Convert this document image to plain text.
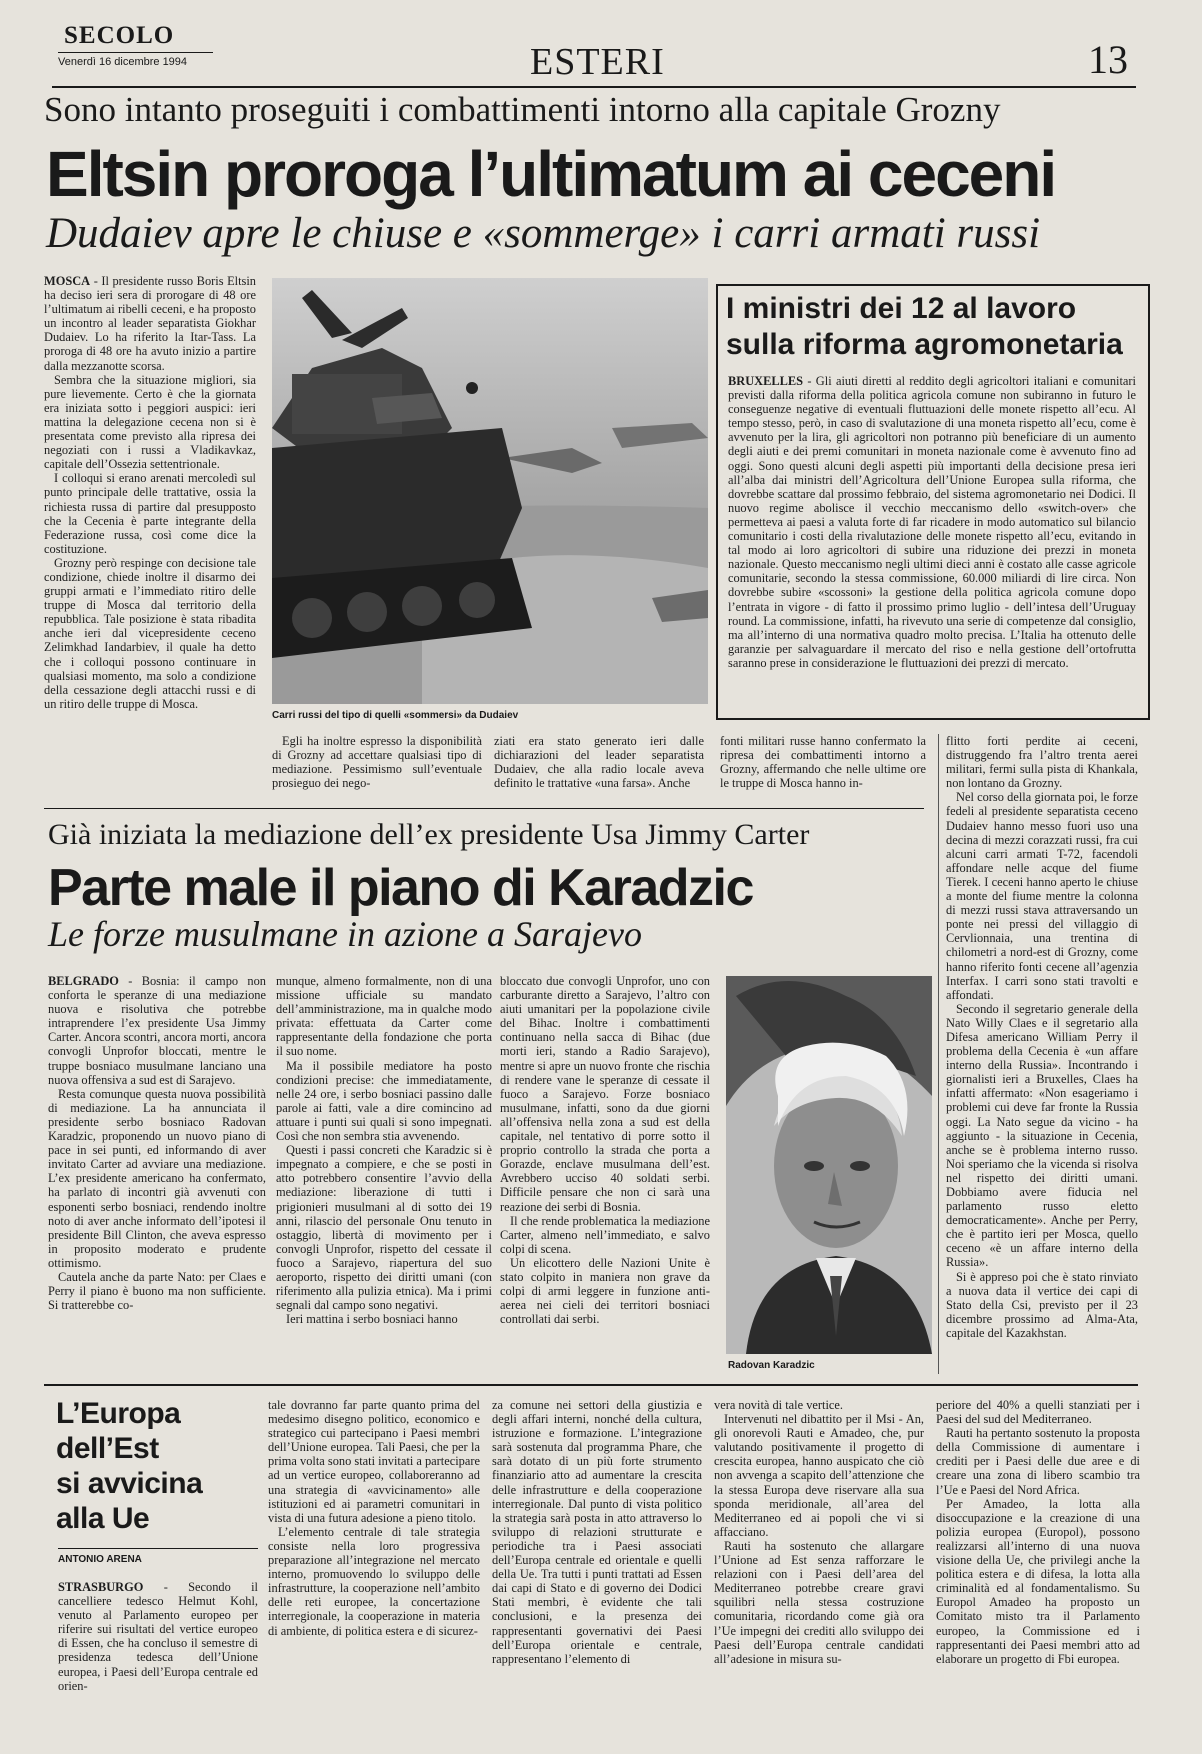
SECOLO
Venerdì 16 dicembre 1994	ESTERI	13
Sono intanto proseguiti i combattimenti intorno alla capitale Grozny
Eltsin proroga l’ultimatum ai ceceni
Dudaiev apre le chiuse e «sommerge» i carri armati russi

MOSCA - Il presidente russo Boris Eltsin ha deciso ieri sera di prorogare di 48 ore l’ultimatum ai ribelli ceceni, e ha proposto un incontro al leader separatista Giokhar Dudaiev. Lo ha riferito la Itar-Tass. La proroga di 48 ore ha avuto inizio a partire dalla mezzanotte scorsa.

Sembra che la situazione migliori, sia pure lievemente. Certo è che la giornata era iniziata sotto i peggiori auspici: ieri mattina la delegazione cecena non si è presentata come previsto alla ripresa dei negoziati con i russi a Vladikavkaz, capitale dell’Ossezia settentrionale.

I colloqui si erano arenati mercoledì sul punto principale delle trattative, ossia la richiesta russa di partire dal presupposto che la Cecenia è parte integrante della Federazione russa, così come dice la costituzione.

Grozny però respinge con decisione tale condizione, chiede inoltre il disarmo dei gruppi armati e l’immediato ritiro delle truppe di Mosca dal territorio della repubblica. Tale posizione è stata ribadita anche ieri dal vicepresidente ceceno Zelimkhad Iandarbiev, il quale ha detto che i colloqui possono continuare in qualsiasi momento, ma solo a condizione della cessazione degli attacchi russi e di un ritiro delle truppe di Mosca.

Carri russi del tipo di quelli «sommersi» da Dudaiev
I ministri dei 12 al lavoro
sulla riforma agromonetaria

BRUXELLES - Gli aiuti diretti al reddito degli agricoltori italiani e comunitari previsti dalla riforma della politica agricola comune non subiranno in futuro le conseguenze negative di eventuali fluttuazioni delle monete rispetto all’ecu. Al tempo stesso, però, in caso di svalutazione di una moneta rispetto all’ecu, come è avvenuto per la lira, gli agricoltori non potranno più beneficiare di un aumento degli aiuti e dei premi comunitari in moneta nazionale come è avvenuto fino ad oggi. Sono questi alcuni degli aspetti più importanti della decisione presa ieri all’alba dai ministri dell’Agricoltura dell’Unione Europea sulla riforma, che dovrebbe scattare dal prossimo febbraio, del sistema agromonetario nei Dodici. Il nuovo regime abolisce il vecchio meccanismo dello «switch-over» che permetteva ai paesi a valuta forte di far ricadere in modo automatico sul bilancio comunitario i costi della rivalutazione delle monete rispetto all’ecu, evitando in tal modo ai loro agricoltori di subire una riduzione dei prezzi in moneta nazionale. Questo meccanismo negli ultimi dieci anni è costato alle casse agricole comunitarie, secondo la stessa commissione, 60.000 miliardi di lire circa. Non dovrebbe subire «scossoni» la gestione della politica agricola comune dopo l’entrata in vigore - di fatto il prossimo primo luglio - dell’intesa dell’Uruguay round. La commissione, infatti, ha rivevuto una serie di competenze dal consiglio, ma all’interno di una normativa quadro molto precisa. L’Italia ha ottenuto delle garanzie per salvaguardare il mercato del riso e nella gestione dell’ortofrutta saranno prese in considerazione le fluttuazioni dei prezzi di mercato.

Egli ha inoltre espresso la disponibilità di Grozny ad accettare qualsiasi tipo di mediazione. Pessimismo sull’eventuale prosieguo dei nego-

ziati era stato generato ieri dalle dichiarazioni del leader separatista Dudaiev, che alla radio locale aveva definito le trattative «una farsa». Anche

fonti militari russe hanno confermato la ripresa dei combattimenti intorno a Grozny, affermando che nelle ultime ore le truppe di Mosca hanno in-

flitto forti perdite ai ceceni, distruggendo fra l’altro trenta aerei militari, fermi sulla pista di Khankala, non lontano da Grozny.

Nel corso della giornata poi, le forze fedeli al presidente separatista ceceno Dudaiev hanno messo fuori uso una decina di mezzi corazzati russi, fra cui alcuni carri armati T-72, facendoli affondare nelle acque del fiume Tierek. I ceceni hanno aperto le chiuse a monte del fiume mentre la colonna di mezzi russi stava attraversando un ponte nei pressi del villaggio di Cervlionnaia, una trentina di chilometri a nord-est di Grozny, come hanno riferito fonti cecene all’agenzia Interfax. I carri sono stati travolti e affondati.

Secondo il segretario generale della Nato Willy Claes e il segretario alla Difesa americano William Perry il problema della Cecenia è «un affare interno della Russia». Incontrando i giornalisti ieri a Bruxelles, Claes ha infatti affermato: «Non esageriamo i problemi cui deve far fronte la Russia oggi. La Nato segue da vicino - ha aggiunto - la situazione in Cecenia, anche se è problema interno russo. Noi speriamo che la vicenda si risolva nel rispetto dei diritti umani. Dobbiamo avere fiducia nel parlamento russo eletto democraticamente». Anche per Perry, che è partito ieri per Mosca, quello ceceno «è un affare interno della Russia».

Si è appreso poi che è stato rinviato a nuova data il vertice dei capi di Stato della Csi, previsto per il 23 dicembre prossimo ad Alma-Ata, capitale del Kazakhstan.

Già iniziata la mediazione dell’ex presidente Usa Jimmy Carter
Parte male il piano di Karadzic
Le forze musulmane in azione a Sarajevo

BELGRADO - Bosnia: il campo non conforta le speranze di una mediazione nuova e risolutiva che potrebbe intraprendere l’ex presidente Usa Jimmy Carter. Ancora scontri, ancora morti, ancora convogli Unprofor bloccati, mentre le truppe bosniaco musulmane lanciano una nuova offensiva a sud est di Sarajevo.

Resta comunque questa nuova possibilità di mediazione. La ha annunciata il presidente serbo bosniaco Radovan Karadzic, proponendo un nuovo piano di pace in sei punti, ed informando di aver invitato Carter ad avviare una mediazione. L’ex presidente americano ha confermato, ha parlato di incontri già avvenuti con esponenti serbo bosniaci, rendendo inoltre noto di aver anche informato dell’ipotesi il presidente Bill Clinton, che aveva espresso in proposito moderato e prudente ottimismo.

Cautela anche da parte Nato: per Claes e Perry il piano è buono ma non sufficiente. Si tratterebbe co-

munque, almeno formalmente, non di una missione ufficiale su mandato dell’amministrazione, ma in qualche modo privata: effettuata da Carter come rappresentante della fondazione che porta il suo nome.

Ma il possibile mediatore ha posto condizioni precise: che immediatamente, nelle 24 ore, i serbo bosniaci passino dalle parole ai fatti, vale a dire comincino ad attuare i punti sui quali si sono impegnati. Così che non sembra stia avvenendo.

Questi i passi concreti che Karadzic si è impegnato a compiere, e che se posti in atto potrebbero consentire l’avvio della mediazione: liberazione di tutti i prigionieri musulmani al di sotto dei 19 anni, rilascio del personale Onu tenuto in ostaggio, libertà di movimento per i convogli Unprofor, rispetto del cessate il fuoco a Sarajevo, riapertura del suo aeroporto, rispetto dei diritti umani (con riferimento alla pulizia etnica). Ma i primi segnali dal campo sono negativi.

Ieri mattina i serbo bosniaci hanno

bloccato due convogli Unprofor, uno con carburante diretto a Sarajevo, l’altro con aiuti umanitari per la popolazione civile del Bihac. Inoltre i combattimenti continuano nella sacca di Bihac (due morti ieri, stando a Radio Sarajevo), mentre si apre un nuovo fronte che rischia di rendere vane le speranze di cessate il fuoco a Sarajevo. Forze bosniaco musulmane, infatti, sono da due giorni all’offensiva nella zona a sud est della capitale, nel tentativo di porre sotto il proprio controllo la strada che porta a Gorazde, enclave musulmana dell’est. Avrebbero ucciso 40 soldati serbi. Difficile pensare che non ci sarà una reazione dei serbi di Bosnia.

Il che rende problematica la mediazione Carter, almeno nell’immediato, e salvo colpi di scena.

Un elicottero delle Nazioni Unite è stato colpito in maniera non grave da colpi di armi leggere in funzione anti-aerea nei cieli dei territori bosniaci controllati dai serbi.

Radovan Karadzic
L’Europa
dell’Est
si avvicina
alla Ue
ANTONIO ARENA

STRASBURGO - Secondo il cancelliere tedesco Helmut Kohl, venuto al Parlamento europeo per riferire sui risultati del vertice europeo di Essen, che ha concluso il semestre di presidenza tedesca dell’Unione europea, i Paesi dell’Europa centrale ed orien-

tale dovranno far parte quanto prima del medesimo disegno politico, economico e strategico cui partecipano i Paesi membri dell’Unione europea. Tali Paesi, che per la prima volta sono stati invitati a partecipare ad un vertice europeo, collaboreranno ad una strategia di «avvicinamento» alle istituzioni ed ai parametri comunitari in vista di una futura adesione a pieno titolo.

L’elemento centrale di tale strategia consiste nella loro progressiva preparazione all’integrazione nel mercato interno, promuovendo lo sviluppo delle infrastrutture, la cooperazione nell’ambito delle reti europee, la concertazione interregionale, la cooperazione in materia di ambiente, di politica estera e di sicurez-

za comune nei settori della giustizia e degli affari interni, nonché della cultura, istruzione e formazione. L’integrazione sarà sostenuta dal programma Phare, che sarà dotato di un più forte strumento finanziario atto ad aumentare la crescita delle infrastrutture e della cooperazione interregionale. Dal punto di vista politico la strategia sarà posta in atto attraverso lo sviluppo di relazioni strutturate e periodiche tra i Paesi associati dell’Europa centrale ed orientale e quelli della Ue. Tra tutti i punti trattati ad Essen dai capi di Stato e di governo dei Dodici Stati membri, è evidente che tali conclusioni, e la presenza dei rappresentanti governativi dei Paesi dell’Europa orientale e centrale, rappresentano l’elemento di

vera novità di tale vertice.

Intervenuti nel dibattito per il Msi - An, gli onorevoli Rauti e Amadeo, che, pur valutando positivamente il progetto di crescita europea, hanno auspicato che ciò non avvenga a scapito dell’attenzione che la stessa Europa deve riservare alla sua sponda meridionale, all’area del Mediterraneo ed ai popoli che vi si affacciano.

Rauti ha sostenuto che allargare l’Unione ad Est senza rafforzare le relazioni con i Paesi dell’area del Mediterraneo potrebbe creare gravi squilibri nella stessa costruzione comunitaria, ricordando come già ora l’Ue impegni dei crediti allo sviluppo dei Paesi dell’Europa centrale candidati all’adesione in misura su-

periore del 40% a quelli stanziati per i Paesi del sud del Mediterraneo.

Rauti ha pertanto sostenuto la proposta della Commissione di aumentare i crediti per i Paesi delle due aree e di creare una zona di libero scambio tra l’Ue e Paesi del Nord Africa.

Per Amadeo, la lotta alla disoccupazione e la creazione di una polizia europea (Europol), possono realizzarsi all’interno di una nuova visione della Ue, che privilegi anche la politica estera e di difesa, la lotta alla criminalità ed al fondamentalismo. Su Europol Amadeo ha proposto un Comitato misto tra il Parlamento europeo, la Commissione ed i rappresentanti dei Paesi membri atto ad elaborare un progetto di Fbi europea.
